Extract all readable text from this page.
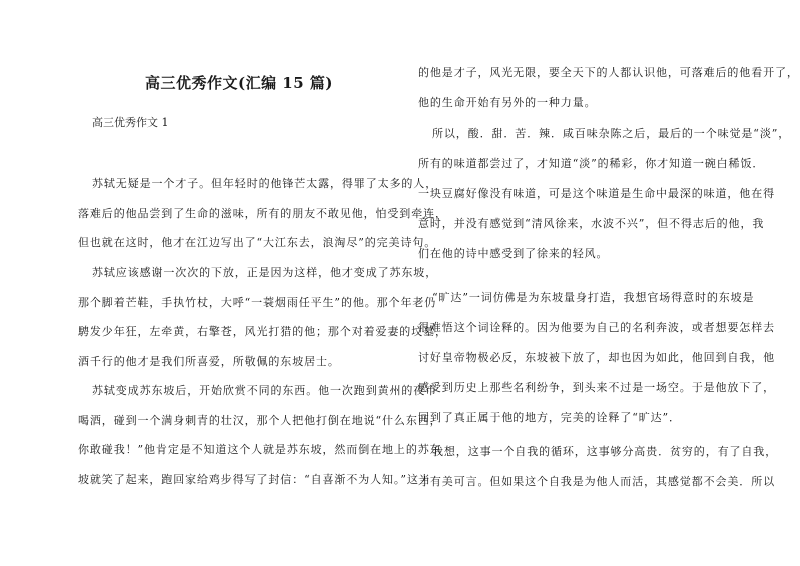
高三优秀作文(汇编 15 篇)
高三优秀作文 1
苏轼无疑是一个才子。但年轻时的他锋芒太露，得罪了太多的人，
落难后的他品尝到了生命的滋味，所有的朋友不敢见他，怕受到牵连，
但也就在这时，他才在江边写出了“大江东去，浪淘尽”的完美诗句。
苏轼应该感谢一次次的下放，正是因为这样，他才变成了苏东坡，
那个脚着芒鞋，手执竹杖，大呼“一蓑烟雨任平生”的他。那个年老仍
騁发少年狂，左牵黄，右擎苍，风光打猎的他；那个对着爱妻的坟墓，
酒千行的他才是我们所喜爱，所敬佩的东坡居士。
苏轼变成苏东坡后，开始欣赏不同的东西。他一次跑到黄州的夜市
喝酒，碰到一个满身刺青的壮汉，那个人把他打倒在地说“什么东西，
你敢碰我！”他肯定是不知道这个人就是苏东坡，然而倒在地上的苏东
坡就笑了起来，跑回家给鸡步得写了封信：“自喜渐不为人知。”这当
的他是才子，风光无限，要全天下的人都认识他，可落难后的他看开了，
他的生命开始有另外的一种力量。
所以，酸．甜．苦．辣．咸百味杂陈之后，最后的一个味觉是“淡”，
所有的味道都尝过了，才知道“淡”的稀彩，你才知道一碗白稀饭．
一块豆腐好像没有味道，可是这个味道是生命中最深的味道，他在得
意时，并没有感觉到“清风徐来，水波不兴”，但不得志后的他，我
们在他的诗中感受到了徐来的轻风。
“旷达”一词仿佛是为东坡量身打造，我想官场得意时的东坡是
很难悟这个词诠释的。因为他要为自己的名利奔波，或者想要怎样去
讨好皇帝物极必反，东坡被下放了，却也因为如此，他回到自我，他
感受到历史上那些名利纷争，到头来不过是一场空。于是他放下了，
回到了真正属于他的地方，完美的诠释了“旷达”．
我想，这事一个自我的循环，这事够分高贵．贫穷的，有了自我，
才有美可言。但如果这个自我是为他人而活，其感觉都不会美．所以
